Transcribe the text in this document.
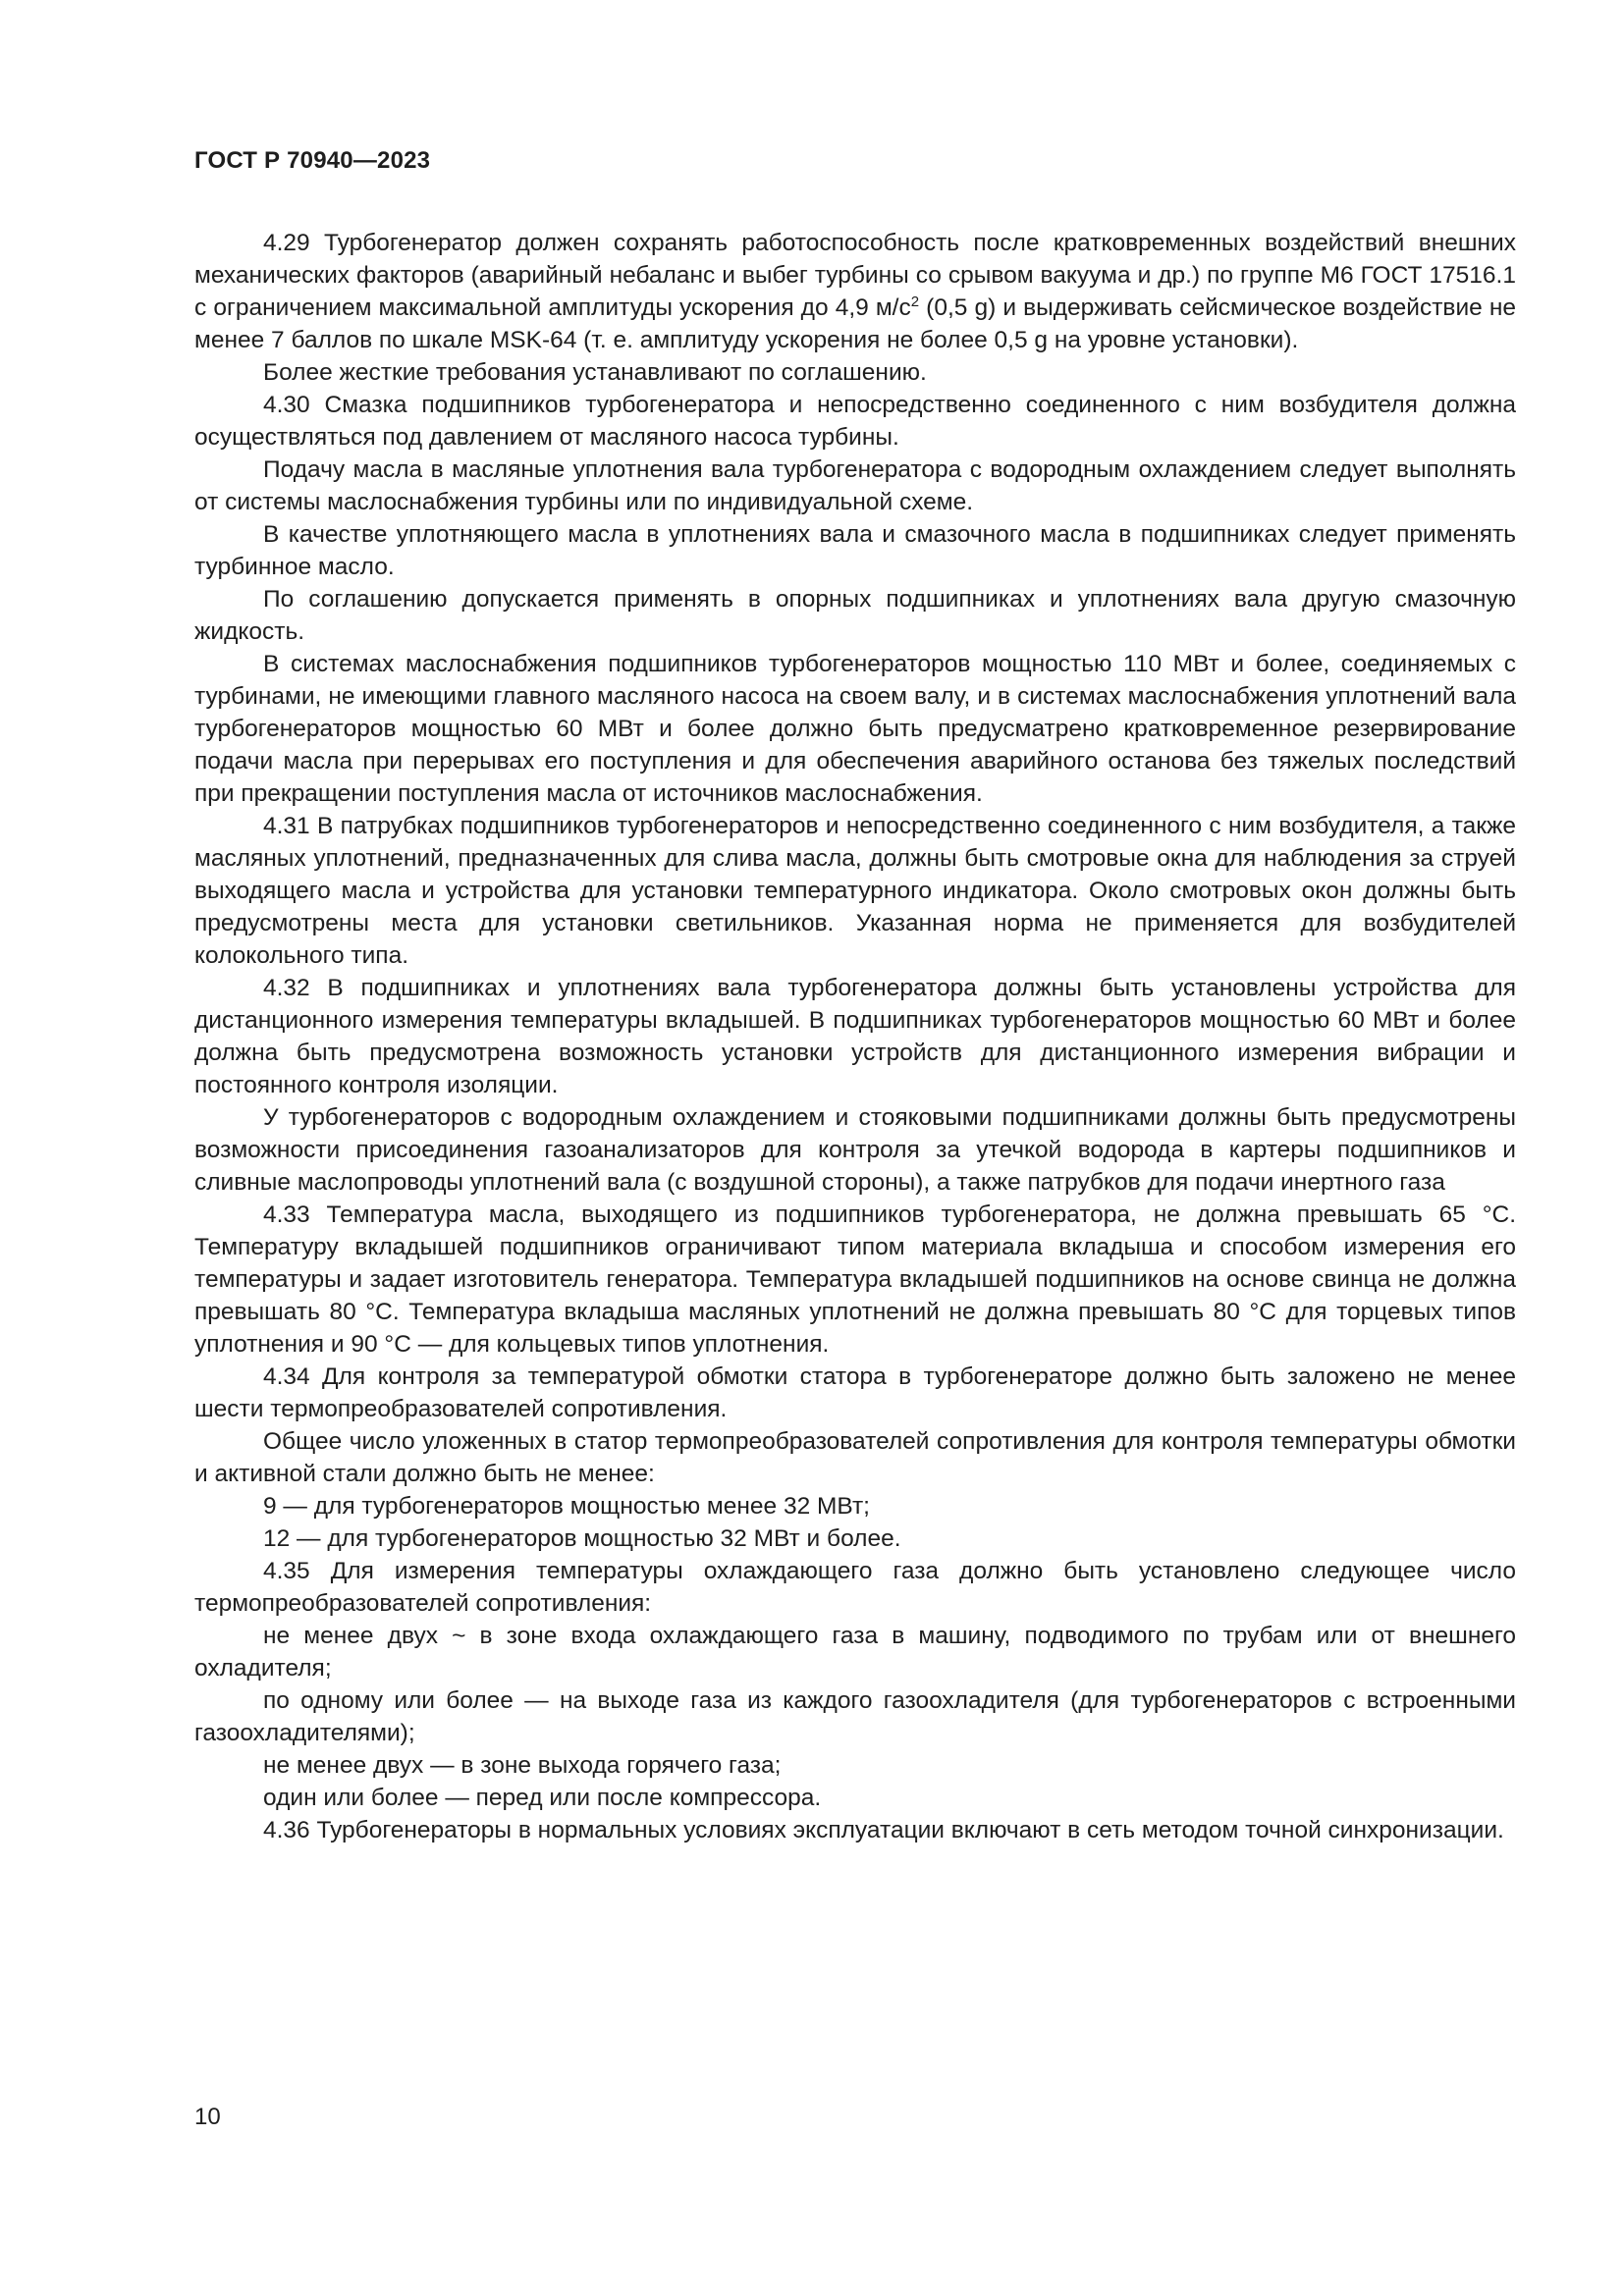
ГОСТ Р 70940—2023

4.29 Турбогенератор должен сохранять работоспособность после кратковременных воздействий внешних механических факторов (аварийный небаланс и выбег турбины со срывом вакуума и др.) по группе М6 ГОСТ 17516.1 с ограничением максимальной амплитуды ускорения до 4,9 $м/с^2$ (0,5 g) и выдерживать сейсмическое воздействие не менее 7 баллов по шкале MSK-64 (т. е. амплитуду ускорения не более 0,5 g на уровне установки).

Более жесткие требования устанавливают по соглашению.

4.30 Смазка подшипников турбогенератора и непосредственно соединенного с ним возбудителя должна осуществляться под давлением от масляного насоса турбины.

Подачу масла в масляные уплотнения вала турбогенератора с водородным охлаждением следует выполнять от системы маслоснабжения турбины или по индивидуальной схеме.

В качестве уплотняющего масла в уплотнениях вала и смазочного масла в подшипниках следует применять турбинное масло.

По соглашению допускается применять в опорных подшипниках и уплотнениях вала другую смазочную жидкость.

В системах маслоснабжения подшипников турбогенераторов мощностью 110 МВт и более, соединяемых с турбинами, не имеющими главного масляного насоса на своем валу, и в системах маслоснабжения уплотнений вала турбогенераторов мощностью 60 МВт и более должно быть предусматрено кратковременное резервирование подачи масла при перерывах его поступления и для обеспечения аварийного останова без тяжелых последствий при прекращении поступления масла от источников маслоснабжения.

4.31 В патрубках подшипников турбогенераторов и непосредственно соединенного с ним возбудителя, а также масляных уплотнений, предназначенных для слива масла, должны быть смотровые окна для наблюдения за струей выходящего масла и устройства для установки температурного индикатора. Около смотровых окон должны быть предусмотрены места для установки светильников. Указанная норма не применяется для возбудителей колокольного типа.

4.32 В подшипниках и уплотнениях вала турбогенератора должны быть установлены устройства для дистанционного измерения температуры вкладышей. В подшипниках турбогенераторов мощностью 60 МВт и более должна быть предусмотрена возможность установки устройств для дистанционного измерения вибрации и постоянного контроля изоляции.

У турбогенераторов с водородным охлаждением и стояковыми подшипниками должны быть предусмотрены возможности присоединения газоанализаторов для контроля за утечкой водорода в картеры подшипников и сливные маслопроводы уплотнений вала (с воздушной стороны), а также патрубков для подачи инертного газа

4.33 Температура масла, выходящего из подшипников турбогенератора, не должна превышать 65 °С. Температуру вкладышей подшипников ограничивают типом материала вкладыша и способом измерения его температуры и задает изготовитель генератора. Температура вкладышей подшипников на основе свинца не должна превышать 80 °С. Температура вкладыша масляных уплотнений не должна превышать 80 °С для торцевых типов уплотнения и 90 °С — для кольцевых типов уплотнения.

4.34 Для контроля за температурой обмотки статора в турбогенераторе должно быть заложено не менее шести термопреобразователей сопротивления.

Общее число уложенных в статор термопреобразователей сопротивления для контроля температуры обмотки и активной стали должно быть не менее:

9 — для турбогенераторов мощностью менее 32 МВт;

12 — для турбогенераторов мощностью 32 МВт и более.

4.35 Для измерения температуры охлаждающего газа должно быть установлено следующее число термопреобразователей сопротивления:

не менее двух ~ в зоне входа охлаждающего газа в машину, подводимого по трубам или от внешнего охладителя;

по одному или более — на выходе газа из каждого газоохладителя (для турбогенераторов с встроенными газоохладителями);

не менее двух — в зоне выхода горячего газа;

один или более — перед или после компрессора.

4.36 Турбогенераторы в нормальных условиях эксплуатации включают в сеть методом точной синхронизации.

10
